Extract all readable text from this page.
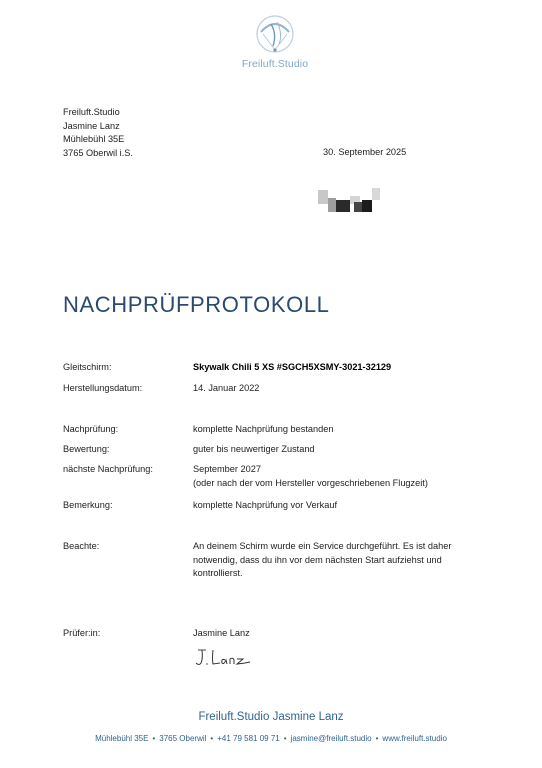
Freiluft.Studio
Freiluft.Studio
Jasmine Lanz
Mühlebühl 35E
3765 Oberwil i.S.	30. September 2025
NACHPRÜFPROTOKOLL
Gleitschirm:	Skywalk Chili 5 XS #SGCH5XSMY-3021-32129
Herstellungsdatum:	14. Januar 2022
Nachprüfung:	komplette Nachprüfung bestanden
Bewertung:	guter bis neuwertiger Zustand
nächste Nachprüfung:	September 2027
(oder nach der vom Hersteller vorgeschriebenen Flugzeit)
Bemerkung:	komplette Nachprüfung vor Verkauf
Beachte:	An deinem Schirm wurde ein Service durchgeführt. Es ist daher notwendig, dass du ihn vor dem nächsten Start aufziehst und kontrollierst.
Prüfer:in:	Jasmine Lanz
Freiluft.Studio Jasmine Lanz
Mühlebühl 35E • 3765 Oberwil • +41 79 581 09 71 • jasmine@freiluft.studio • www.freiluft.studio
